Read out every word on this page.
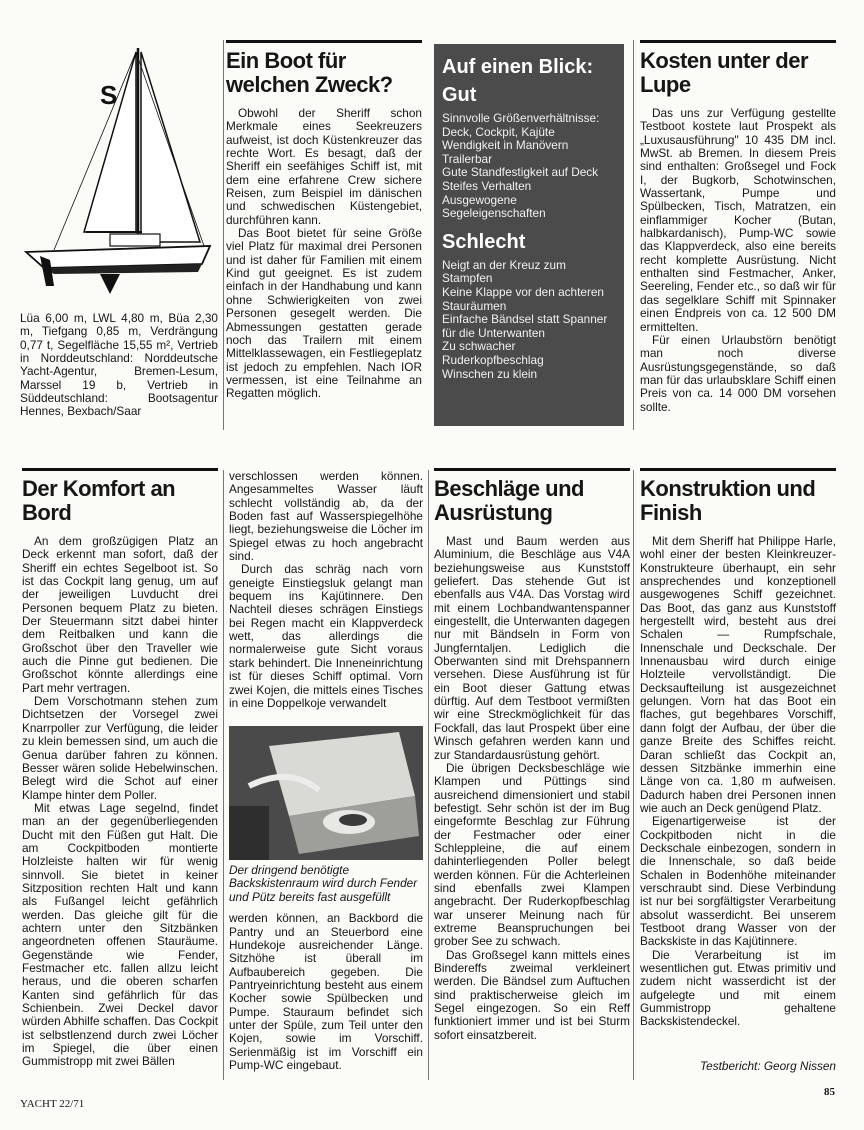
S

Lüa 6,00 m, LWL 4,80 m, Büa 2,30 m, Tiefgang 0,85 m, Verdrängung 0,77 t, Segelfläche 15,55 m², Vertrieb in Norddeutschland: Norddeutsche Yacht-Agentur, Bremen-Lesum, Marssel 19 b, Vertrieb in Süddeutschland: Bootsagentur Hennes, Bexbach/Saar

Ein Boot für welchen Zweck?

Obwohl der Sheriff schon Merkmale eines Seekreuzers aufweist, ist doch Küstenkreuzer das rechte Wort. Es besagt, daß der Sheriff ein seefähiges Schiff ist, mit dem eine erfahrene Crew sichere Reisen, zum Beispiel im dänischen und schwedischen Küstengebiet, durchführen kann.

Das Boot bietet für seine Größe viel Platz für maximal drei Personen und ist daher für Familien mit einem Kind gut geeignet. Es ist zudem einfach in der Handhabung und kann ohne Schwierigkeiten von zwei Personen gesegelt werden. Die Abmessungen gestatten gerade noch das Trailern mit einem Mittelklassewagen, ein Festliegeplatz ist jedoch zu empfehlen. Nach IOR vermessen, ist eine Teilnahme an Regatten möglich.

Auf einen Blick:
Gut
Sinnvolle Größenverhältnisse: Deck, Cockpit, Kajüte
Wendigkeit in Manövern
Trailerbar
Gute Standfestigkeit auf Deck
Steifes Verhalten
Ausgewogene Segeleigenschaften
Schlecht
Neigt an der Kreuz zum Stampfen
Keine Klappe vor den achteren Stauräumen
Einfache Bändsel statt Spanner für die Unterwanten
Zu schwacher Ruderkopfbeschlag
Winschen zu klein
Kosten unter der Lupe

Das uns zur Verfügung gestellte Testboot kostete laut Prospekt als „Luxusausführung" 10 435 DM incl. MwSt. ab Bremen. In diesem Preis sind enthalten: Großsegel und Fock I, der Bugkorb, Schotwinschen, Wassertank, Pumpe und Spülbecken, Tisch, Matratzen, ein einflammiger Kocher (Butan, halbkardanisch), Pump-WC sowie das Klappverdeck, also eine bereits recht komplette Ausrüstung. Nicht enthalten sind Festmacher, Anker, Seereling, Fender etc., so daß wir für das segelklare Schiff mit Spinnaker einen Endpreis von ca. 12 500 DM ermittelten.

Für einen Urlaubstörn benötigt man noch diverse Ausrüstungsgegenstände, so daß man für das urlaubsklare Schiff einen Preis von ca. 14 000 DM vorsehen sollte.

Der Komfort an Bord

An dem großzügigen Platz an Deck erkennt man sofort, daß der Sheriff ein echtes Segelboot ist. So ist das Cockpit lang genug, um auf der jeweiligen Luvducht drei Personen bequem Platz zu bieten. Der Steuermann sitzt dabei hinter dem Reitbalken und kann die Großschot über den Traveller wie auch die Pinne gut bedienen. Die Großschot könnte allerdings eine Part mehr vertragen.

Dem Vorschotmann stehen zum Dichtsetzen der Vorsegel zwei Knarrpoller zur Verfügung, die leider zu klein bemessen sind, um auch die Genua darüber fahren zu können. Besser wären solide Hebelwinschen. Belegt wird die Schot auf einer Klampe hinter dem Poller.

Mit etwas Lage segelnd, findet man an der gegenüberliegenden Ducht mit den Füßen gut Halt. Die am Cockpitboden montierte Holzleiste halten wir für wenig sinnvoll. Sie bietet in keiner Sitzposition rechten Halt und kann als Fußangel leicht gefährlich werden. Das gleiche gilt für die achtern unter den Sitzbänken angeordneten offenen Stauräume. Gegenstände wie Fender, Festmacher etc. fallen allzu leicht heraus, und die oberen scharfen Kanten sind gefährlich für das Schienbein. Zwei Deckel davor würden Abhilfe schaffen. Das Cockpit ist selbstlenzend durch zwei Löcher im Spiegel, die über einen Gummistropp mit zwei Bällen

verschlossen werden können. Angesammeltes Wasser läuft schlecht vollständig ab, da der Boden fast auf Wasserspiegelhöhe liegt, beziehungsweise die Löcher im Spiegel etwas zu hoch angebracht sind.

Durch das schräg nach vorn geneigte Einstiegsluk gelangt man bequem ins Kajütinnere. Den Nachteil dieses schrägen Einstiegs bei Regen macht ein Klappverdeck wett, das allerdings die normalerweise gute Sicht voraus stark behindert. Die Inneneinrichtung ist für dieses Schiff optimal. Vorn zwei Kojen, die mittels eines Tisches in eine Doppelkoje verwandelt

Der dringend benötigte Backskistenraum wird durch Fender und Pütz bereits fast ausgefüllt

werden können, an Backbord die Pantry und an Steuerbord eine Hundekoje ausreichender Länge. Sitzhöhe ist überall im Aufbaubereich gegeben. Die Pantryeinrichtung besteht aus einem Kocher sowie Spülbecken und Pumpe. Stauraum befindet sich unter der Spüle, zum Teil unter den Kojen, sowie im Vorschiff. Serienmäßig ist im Vorschiff ein Pump-WC eingebaut.

Beschläge und Ausrüstung

Mast und Baum werden aus Aluminium, die Beschläge aus V4A beziehungsweise aus Kunststoff geliefert. Das stehende Gut ist ebenfalls aus V4A. Das Vorstag wird mit einem Lochbandwantenspanner eingestellt, die Unterwanten dagegen nur mit Bändseln in Form von Jungferntaljen. Lediglich die Oberwanten sind mit Drehspannern versehen. Diese Ausführung ist für ein Boot dieser Gattung etwas dürftig. Auf dem Testboot vermißten wir eine Streckmöglichkeit für das Fockfall, das laut Prospekt über eine Winsch gefahren werden kann und zur Standardausrüstung gehört.

Die übrigen Decksbeschläge wie Klampen und Püttings sind ausreichend dimensioniert und stabil befestigt. Sehr schön ist der im Bug eingeformte Beschlag zur Führung der Festmacher oder einer Schleppleine, die auf einem dahinterliegenden Poller belegt werden können. Für die Achterleinen sind ebenfalls zwei Klampen angebracht. Der Ruderkopfbeschlag war unserer Meinung nach für extreme Beanspruchungen bei grober See zu schwach.

Das Großsegel kann mittels eines Bindereffs zweimal verkleinert werden. Die Bändsel zum Auftuchen sind praktischerweise gleich im Segel eingezogen. So ein Reff funktioniert immer und ist bei Sturm sofort einsatzbereit.

Konstruktion und Finish

Mit dem Sheriff hat Philippe Harle, wohl einer der besten Kleinkreuzer-Konstrukteure überhaupt, ein sehr ansprechendes und konzeptionell ausgewogenes Schiff gezeichnet. Das Boot, das ganz aus Kunststoff hergestellt wird, besteht aus drei Schalen — Rumpfschale, Innenschale und Deckschale. Der Innenausbau wird durch einige Holzteile vervollständigt. Die Decksaufteilung ist ausgezeichnet gelungen. Vorn hat das Boot ein flaches, gut begehbares Vorschiff, dann folgt der Aufbau, der über die ganze Breite des Schiffes reicht. Daran schließt das Cockpit an, dessen Sitzbänke immerhin eine Länge von ca. 1,80 m aufweisen. Dadurch haben drei Personen innen wie auch an Deck genügend Platz.

Eigenartigerweise ist der Cockpitboden nicht in die Deckschale einbezogen, sondern in die Innenschale, so daß beide Schalen in Bodenhöhe miteinander verschraubt sind. Diese Verbindung ist nur bei sorgfältigster Verarbeitung absolut wasserdicht. Bei unserem Testboot drang Wasser von der Backskiste in das Kajütinnere.

Die Verarbeitung ist im wesentlichen gut. Etwas primitiv und zudem nicht wasserdicht ist der aufgelegte und mit einem Gummistropp gehaltene Backskistendeckel.

Testbericht: Georg Nissen
YACHT 22/71
85
